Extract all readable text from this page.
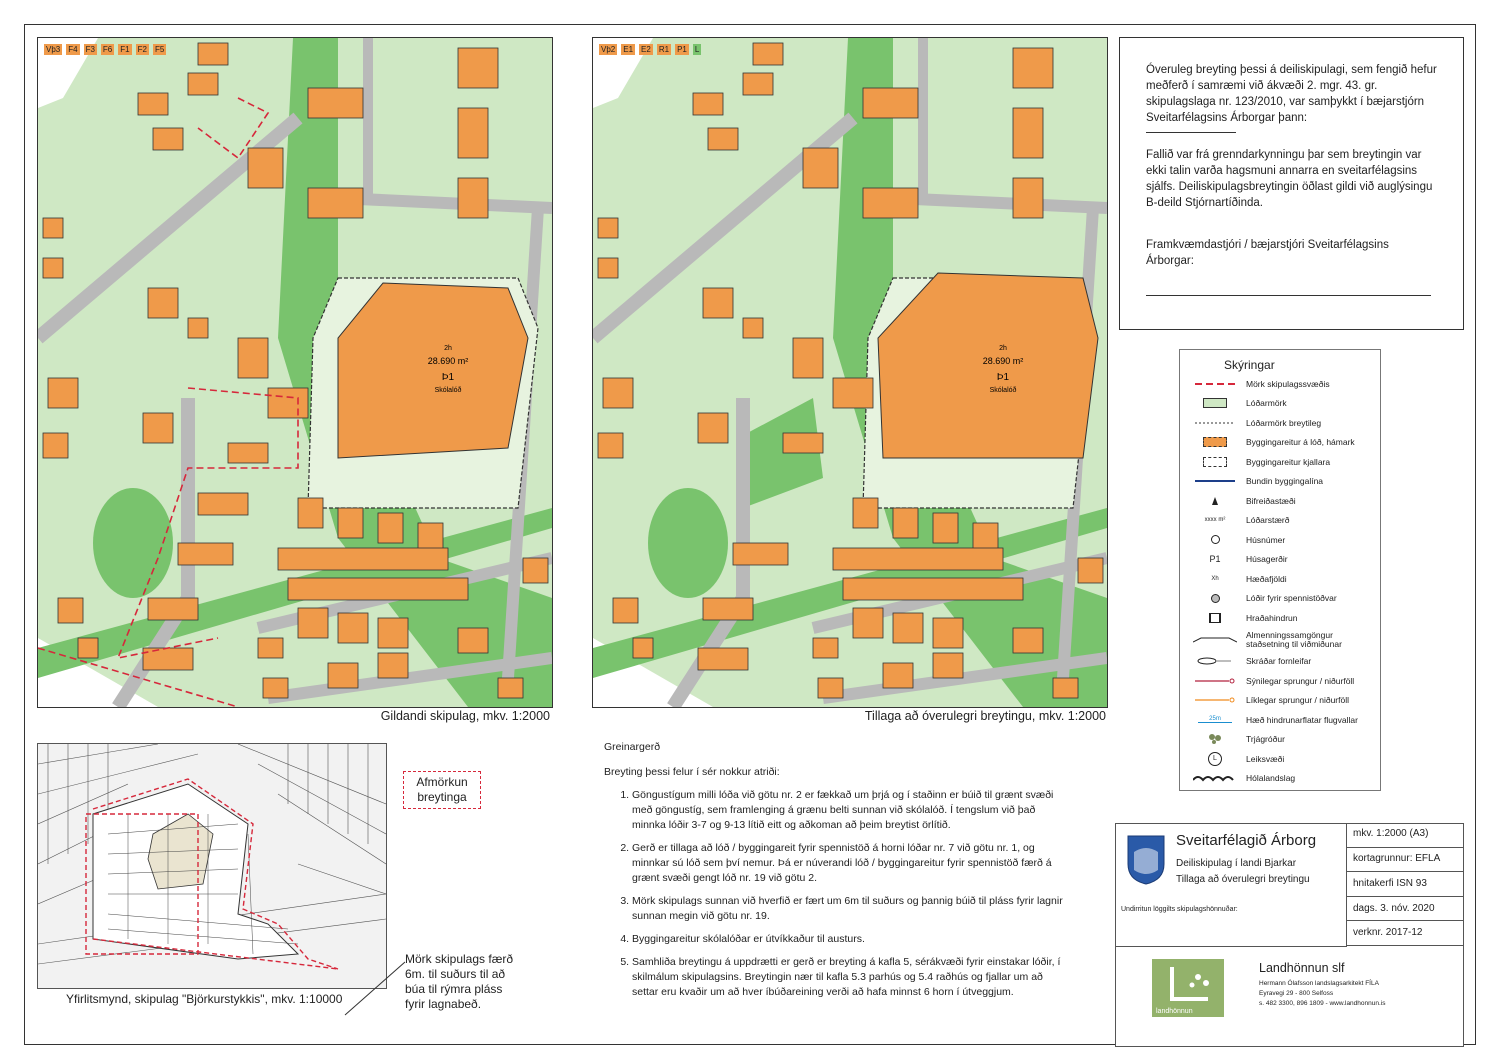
28.690 m²
Þ1
Skólalóð
2h
Gildandi skipulag, mkv. 1:2000
28.690 m²
Þ1
Skólalóð
2h
Tillaga að óverulegri breytingu, mkv. 1:2000
Vþ3 F4 F3 F6 F1 F2 F5	Vþ2 E1 E2 R1 P1 L

Óveruleg breyting þessi á deiliskipulagi, sem fengið hefur meðferð í samræmi við ákvæði 2. mgr. 43. gr. skipulagslaga nr. 123/2010, var samþykkt í bæjarstjórn Sveitarfélagsins Árborgar þann:

Fallið var frá grenndarkynningu þar sem breytingin var ekki talin varða hagsmuni annarra en sveitarfélagsins sjálfs. Deiliskipulagsbreytingin öðlast gildi við auglýsingu B-deild Stjórnartíðinda.

Framkvæmdastjóri / bæjarstjóri Sveitarfélagsins Árborgar:

Skýringar
Mörk skipulagssvæðis
Lóðarmörk
Lóðarmörk breytileg
Byggingareitur á lóð, hámark
Byggingareitur kjallara
Bundin byggingalína
Bifreiðastæði
xxxx m²	Lóðarstærð
Húsnúmer
P1	Húsagerðir
Xh	Hæðafjöldi
Lóðir fyrir spennistöðvar
Hraðahindrun
Almenningssamgöngur staðsetning til viðmiðunar
Skráðar fornleifar
Sýnilegar sprungur / niðurföll
Líklegar sprungur / niðurföll
25m	Hæð hindrunarflatar flugvallar
Trjágróður
L	Leiksvæði
Hólalandslag
Yfirlitsmynd, skipulag "Björkurstykkis", mkv. 1:10000
Afmörkun breytinga
Mörk skipulags færð 6m. til suðurs til að búa til rýmra pláss fyrir lagnabeð.

Greinargerð

Breyting þessi felur í sér nokkur atriði:

1. Göngustígum milli lóða við götu nr. 2 er fækkað um þrjá og í staðinn er búið til grænt svæði með göngustíg, sem framlenging á grænu belti sunnan við skólalóð. Í tengslum við það minnka lóðir 3-7 og 9-13 lítið eitt og aðkoman að þeim breytist örlítið.
2. Gerð er tillaga að lóð / byggingareit fyrir spennistöð á horni lóðar nr. 7 við götu nr. 1, og minnkar sú lóð sem því nemur. Þá er núverandi lóð / byggingareitur fyrir spennistöð færð á grænt svæði gengt lóð nr. 19 við götu 2.
3. Mörk skipulags sunnan við hverfið er fært um 6m til suðurs og þannig búið til pláss fyrir lagnir sunnan megin við götu nr. 19.
4. Byggingareitur skólalóðar er útvíkkaður til austurs.
5. Samhliða breytingu á uppdrætti er gerð er breyting á kafla 5, sérákvæði fyrir einstakar lóðir, í skilmálum skipulagsins. Breytingin nær til kafla 5.3 parhús og 5.4 raðhús og fjallar um að settar eru kvaðir um að hver íbúðareining verði að hafa minnst 6 horn í útveggjum.
Sveitarfélagið Árborg
Deiliskipulag í landi Bjarkar
Tillaga að óverulegri breytingu
Undirritun löggilts skipulagshönnuðar:
mkv. 1:2000 (A3)
kortagrunnur: EFLA
hnitakerfi ISN 93
dags. 3. nóv. 2020
verknr. 2017-12
landhönnun
Landhönnun slf
Hermann Ólafsson landslagsarkitekt FÍLA
Eyravegi 29 - 800 Selfoss
s. 482 3300, 896 1809 - www.landhonnun.is
